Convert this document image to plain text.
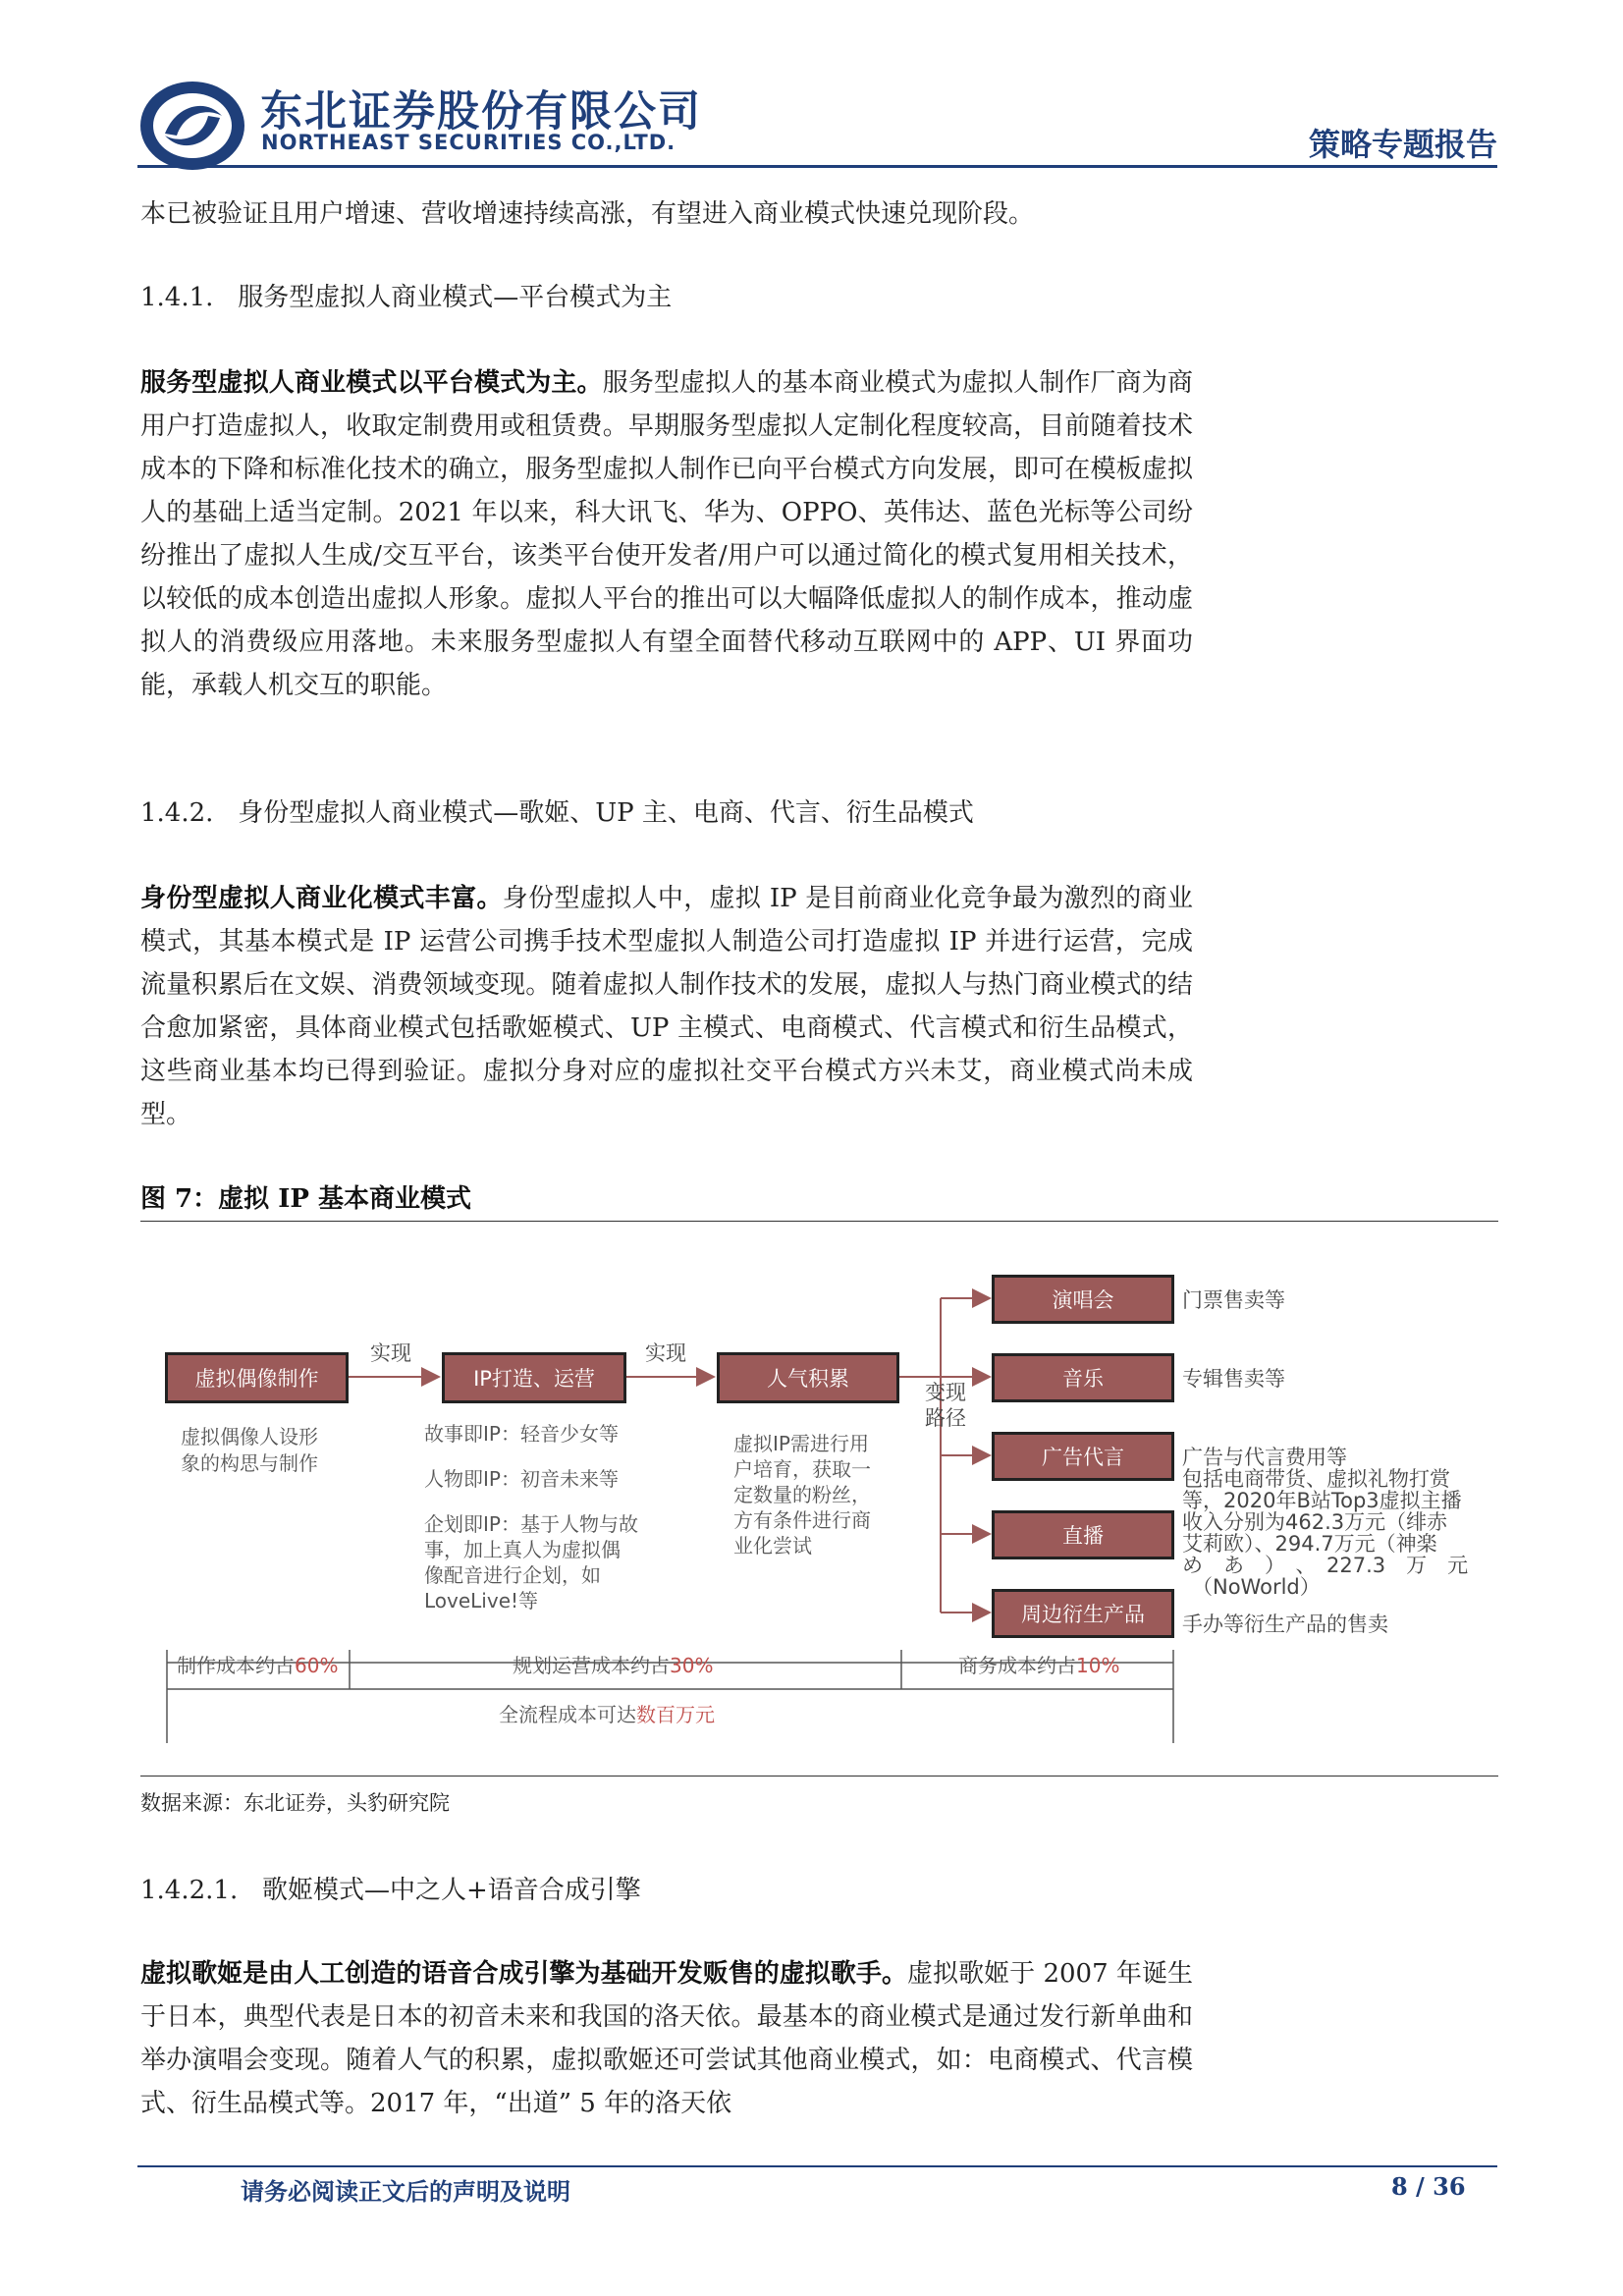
东北证券股份有限公司
NORTHEAST SECURITIES CO.,LTD.	策略专题报告
本已被验证且用户增速、营收增速持续高涨，有望进入商业模式快速兑现阶段。
1.4.1.   服务型虚拟人商业模式—平台模式为主
服务型虚拟人商业模式以平台模式为主。服务型虚拟人的基本商业模式为虚拟人制作厂商为商用户打造虚拟人，收取定制费用或租赁费。早期服务型虚拟人定制化程度较高，目前随着技术成本的下降和标准化技术的确立，服务型虚拟人制作已向平台模式方向发展，即可在模板虚拟人的基础上适当定制。2021 年以来，科大讯飞、华为、OPPO、英伟达、蓝色光标等公司纷纷推出了虚拟人生成/交互平台，该类平台使开发者/用户可以通过简化的模式复用相关技术，以较低的成本创造出虚拟人形象。虚拟人平台的推出可以大幅降低虚拟人的制作成本，推动虚拟人的消费级应用落地。未来服务型虚拟人有望全面替代移动互联网中的 APP、UI 界面功能，承载人机交互的职能。
1.4.2.   身份型虚拟人商业模式—歌姬、UP 主、电商、代言、衍生品模式
身份型虚拟人商业化模式丰富。身份型虚拟人中，虚拟 IP 是目前商业化竞争最为激烈的商业模式，其基本模式是 IP 运营公司携手技术型虚拟人制造公司打造虚拟 IP 并进行运营，完成流量积累后在文娱、消费领域变现。随着虚拟人制作技术的发展，虚拟人与热门商业模式的结合愈加紧密，具体商业模式包括歌姬模式、UP 主模式、电商模式、代言模式和衍生品模式，这些商业基本均已得到验证。虚拟分身对应的虚拟社交平台模式方兴未艾，商业模式尚未成型。
图 7：虚拟 IP 基本商业模式
虚拟偶像制作	IP打造、运营	人气积累
实现	实现
变现
路径
虚拟偶像人设形
象的构思与制作
故事即IP：轻音少女等
人物即IP：初音未来等
企划即IP：基于人物与故
事，加上真人为虚拟偶
像配音进行企划，如
LoveLive!等
虚拟IP需进行用
户培育，获取一
定数量的粉丝，
方有条件进行商
业化尝试
演唱会
音乐
广告代言
直播
周边衍生产品
门票售卖等
专辑售卖等
广告与代言费用等
包括电商带货、虚拟礼物打赏
等，2020年B站Top3虚拟主播
收入分别为462.3万元（绯赤
艾莉欧）、294.7万元（神楽
め　あ　）　、　227.3　万　元
（NoWorld）
手办等衍生产品的售卖
制作成本约占60%	规划运营成本约占30%	商务成本约占10%
全流程成本可达数百万元
数据来源：东北证券，头豹研究院
1.4.2.1.   歌姬模式—中之人+语音合成引擎
虚拟歌姬是由人工创造的语音合成引擎为基础开发贩售的虚拟歌手。虚拟歌姬于 2007 年诞生于日本，典型代表是日本的初音未来和我国的洛天依。最基本的商业模式是通过发行新单曲和举办演唱会变现。随着人气的积累，虚拟歌姬还可尝试其他商业模式，如：电商模式、代言模式、衍生品模式等。2017 年，“出道” 5 年的洛天依
请务必阅读正文后的声明及说明	8 / 36
